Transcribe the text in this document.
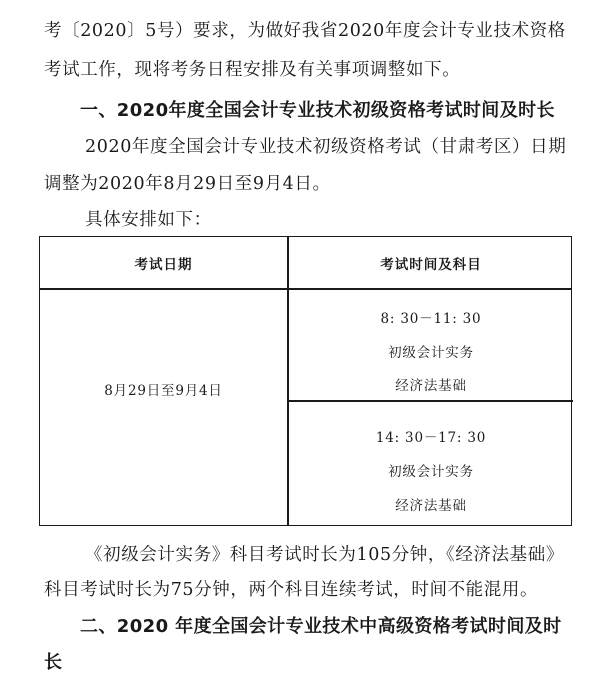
考〔2020〕5号）要求，为做好我省2020年度会计专业技术资格
考试工作，现将考务日程安排及有关事项调整如下。
一、2020年度全国会计专业技术初级资格考试时间及时长
2020年度全国会计专业技术初级资格考试（甘肃考区）日期
调整为2020年8月29日至9月4日。
具体安排如下：
考试日期	考试时间及科目
8月29日至9月4日
8: 30－11: 30
初级会计实务
经济法基础
14: 30－17: 30
初级会计实务
经济法基础
《初级会计实务》科目考试时长为105分钟，《经济法基础》
科目考试时长为75分钟，两个科目连续考试，时间不能混用。
二、2020 年度全国会计专业技术中高级资格考试时间及时
长
